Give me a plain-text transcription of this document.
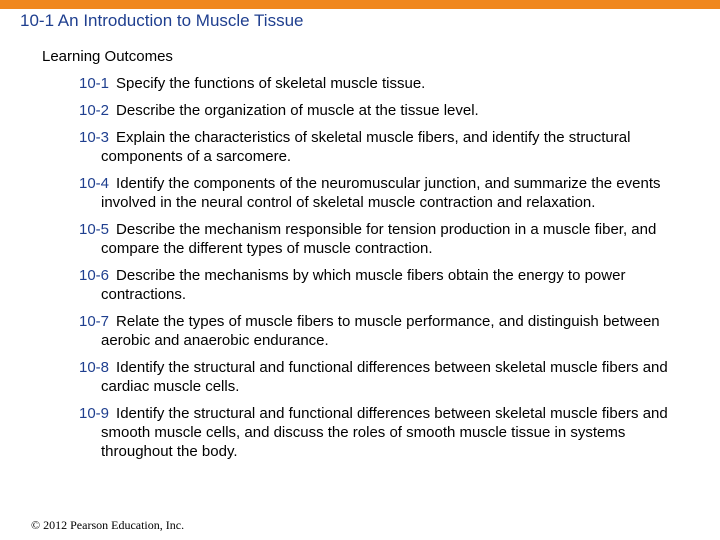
10-1 An Introduction to Muscle Tissue
Learning Outcomes
10-1 Specify the functions of skeletal muscle tissue.
10-2 Describe the organization of muscle at the tissue level.
10-3 Explain the characteristics of skeletal muscle fibers, and identify the structural components of a sarcomere.
10-4 Identify the components of the neuromuscular junction, and summarize the events involved in the neural control of skeletal muscle contraction and relaxation.
10-5 Describe the mechanism responsible for tension production in a muscle fiber, and compare the different types of muscle contraction.
10-6 Describe the mechanisms by which muscle fibers obtain the energy to power contractions.
10-7 Relate the types of muscle fibers to muscle performance, and distinguish between aerobic and anaerobic endurance.
10-8 Identify the structural and functional differences between skeletal muscle fibers and cardiac muscle cells.
10-9 Identify the structural and functional differences between skeletal muscle fibers and smooth muscle cells, and discuss the roles of smooth muscle tissue in systems throughout the body.
© 2012 Pearson Education, Inc.
